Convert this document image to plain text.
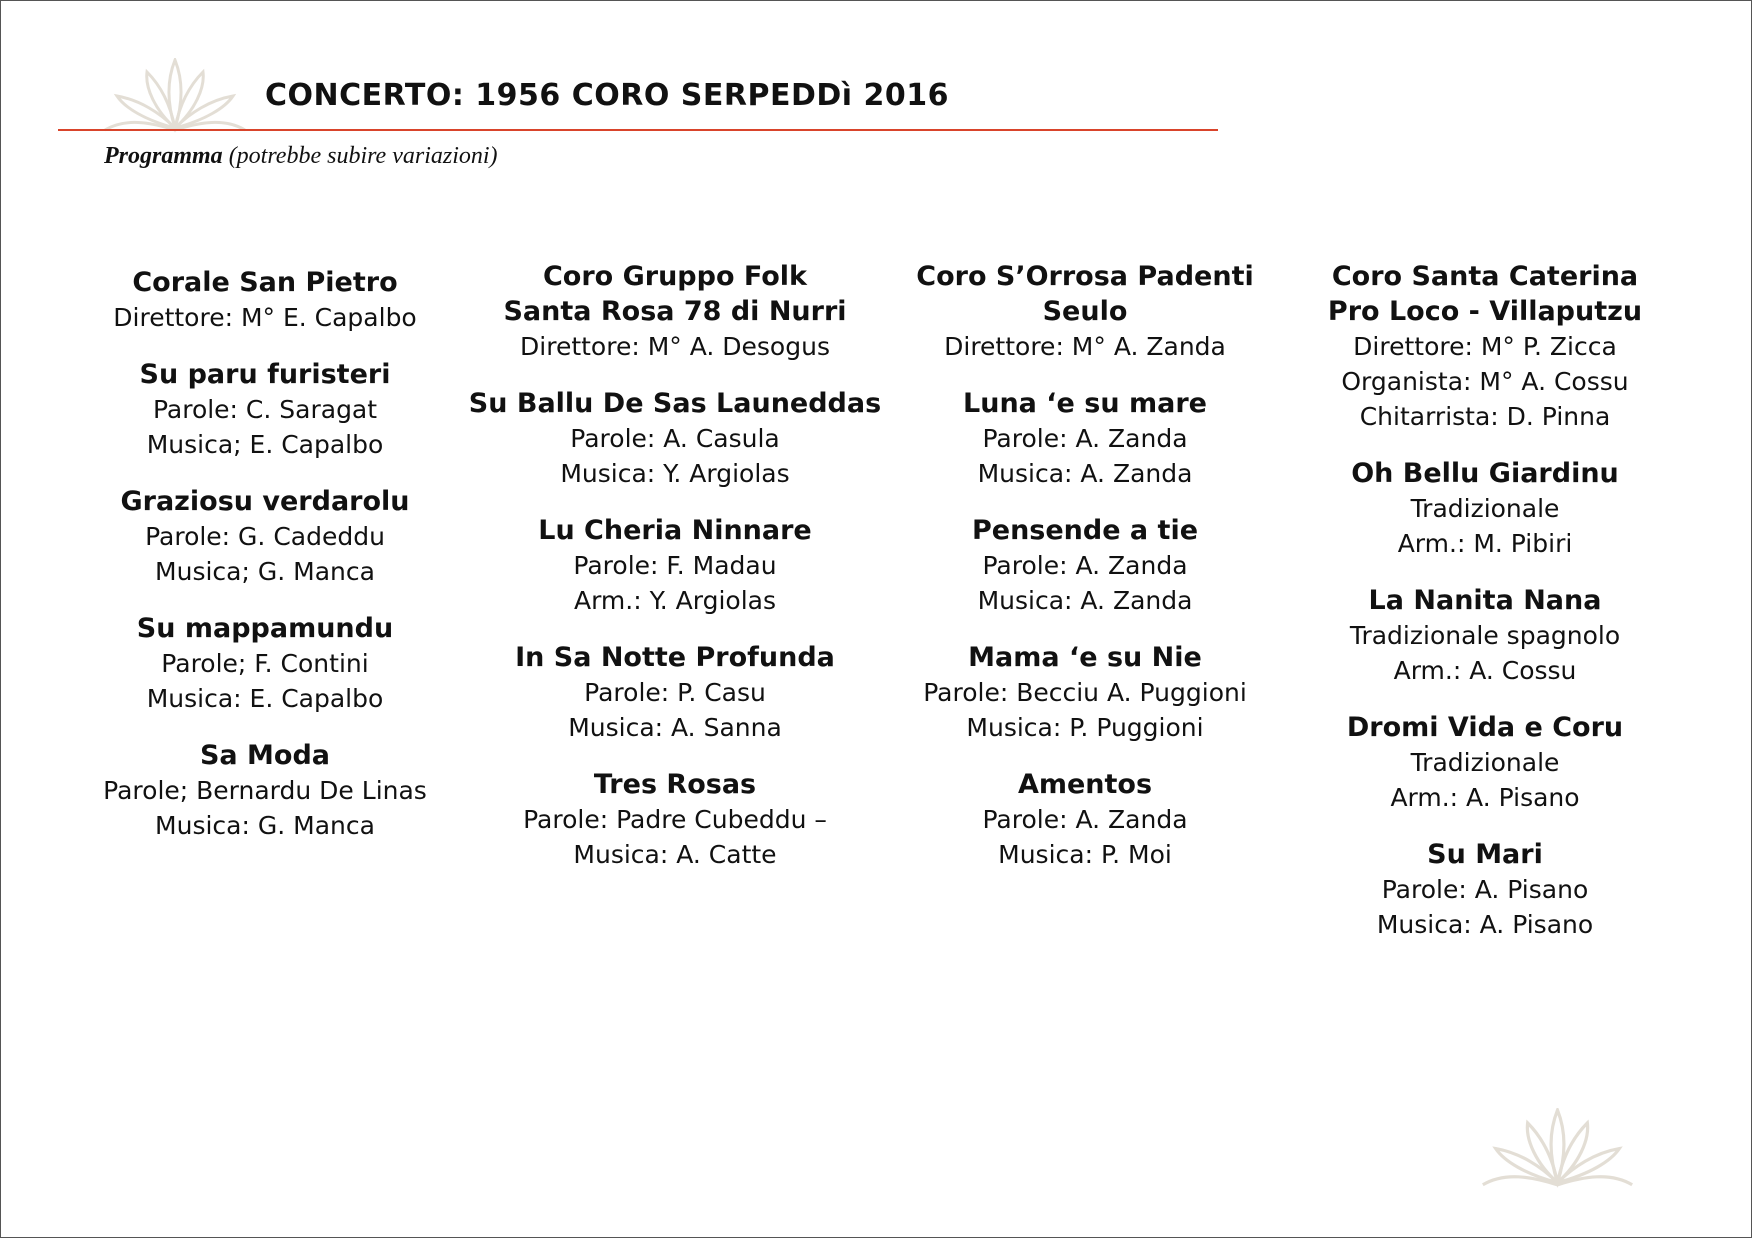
CONCERTO: 1956 CORO SERPEDDì 2016

Programma (potrebbe subire variazioni)

Corale San Pietro
Direttore: M° E. Capalbo
Su paru furisteri
Parole: C. Saragat
Musica; E. Capalbo
Graziosu verdarolu
Parole: G. Cadeddu
Musica; G. Manca
Su mappamundu
Parole; F. Contini
Musica: E. Capalbo
Sa Moda
Parole; Bernardu De Linas
Musica: G. Manca
Coro Gruppo Folk
Santa Rosa 78 di Nurri
Direttore: M° A. Desogus
Su Ballu De Sas Launeddas
Parole: A. Casula
Musica: Y. Argiolas
Lu Cheria Ninnare
Parole: F. Madau
Arm.: Y. Argiolas
In Sa Notte Profunda
Parole: P. Casu
Musica: A. Sanna
Tres Rosas
Parole: Padre Cubeddu –
Musica: A. Catte
Coro S’Orrosa Padenti
Seulo
Direttore: M° A. Zanda
Luna ‘e su mare
Parole: A. Zanda
Musica: A. Zanda
Pensende a tie
Parole: A. Zanda
Musica: A. Zanda
Mama ‘e su Nie
Parole: Becciu A. Puggioni
Musica: P. Puggioni
Amentos
Parole: A. Zanda
Musica: P. Moi
Coro Santa Caterina
Pro Loco - Villaputzu
Direttore: M° P. Zicca
Organista: M° A. Cossu
Chitarrista: D. Pinna
Oh Bellu Giardinu
Tradizionale
Arm.: M. Pibiri
La Nanita Nana
Tradizionale spagnolo
Arm.: A. Cossu
Dromi Vida e Coru
Tradizionale
Arm.: A. Pisano
Su Mari
Parole: A. Pisano
Musica: A. Pisano
